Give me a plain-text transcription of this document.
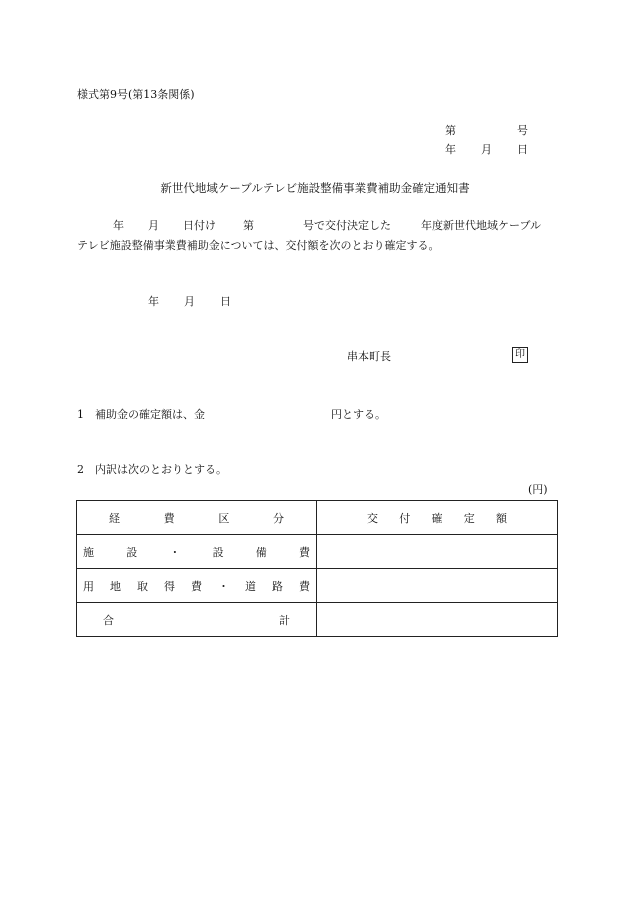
様式第9号(第13条関係)
第	号
年 月 日
新世代地域ケーブルテレビ施設整備事業費補助金確定通知書
年 月 日付け 第	号で交付決定した	年度新世代地域ケーブル
テレビ施設整備事業費補助金については、交付額を次のとおり確定する。
年 月 日
串本町長	印
1　補助金の確定額は、金	円とする。
2　内訳は次のとおりとする。
(円)
経費区分	交付確定額
施設・設備費	
用地取得費・道路費	
合計	
